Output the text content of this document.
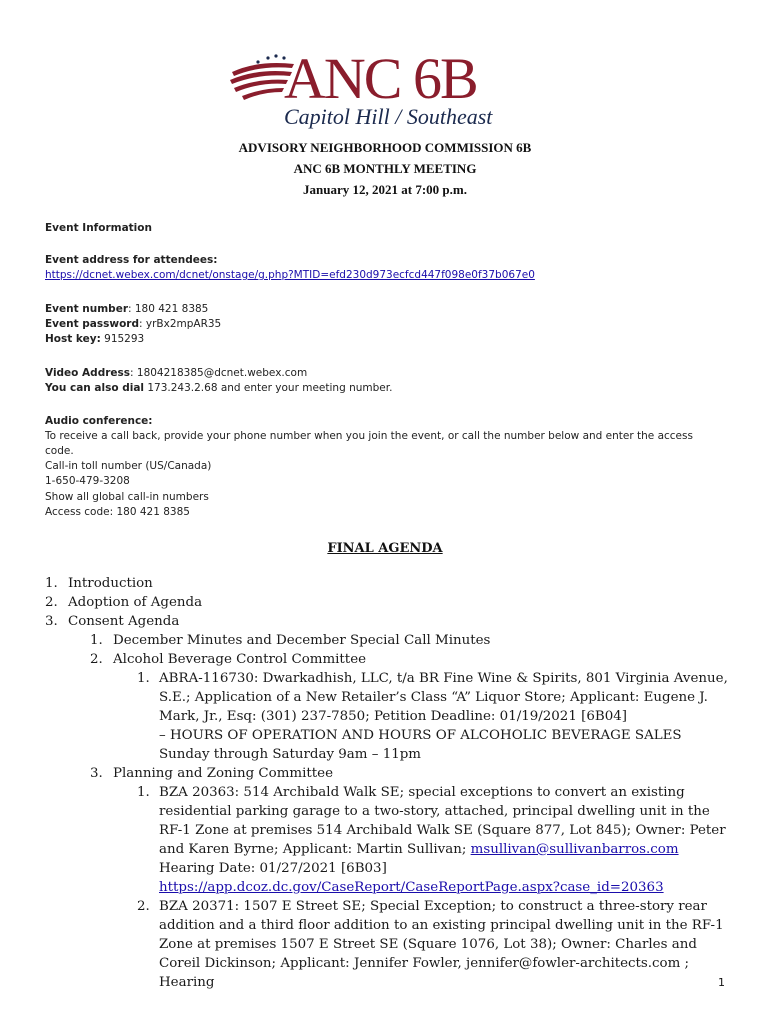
ANC 6B
Capitol Hill / Southeast
ADVISORY NEIGHBORHOOD COMMISSION 6B
ANC 6B MONTHLY MEETING
January 12, 2021 at 7:00 p.m.
Event Information
Event address for attendees:
https://dcnet.webex.com/dcnet/onstage/g.php?MTID=efd230d973ecfcd447f098e0f37b067e0
Event number: 180 421 8385
Event password: yrBx2mpAR35
Host key: 915293
Video Address: 1804218385@dcnet.webex.com
You can also dial 173.243.2.68 and enter your meeting number.
Audio conference:
To receive a call back, provide your phone number when you join the event, or call the number below and enter the access
code.
Call-in toll number (US/Canada)
1-650-479-3208
Show all global call-in numbers
Access code: 180 421 8385
FINAL AGENDA
1. Introduction
2. Adoption of Agenda
3. Consent Agenda
1. December Minutes and December Special Call Minutes
2. Alcohol Beverage Control Committee
1. ABRA-116730: Dwarkadhish, LLC, t/a BR Fine Wine & Spirits, 801 Virginia Avenue, S.E.; Application of a New Retailer’s Class “A” Liquor Store; Applicant: Eugene J. Mark, Jr., Esq: (301) 237-7850; Petition Deadline: 01/19/2021 [6B04]
– HOURS OF OPERATION AND HOURS OF ALCOHOLIC BEVERAGE SALES Sunday through Saturday 9am – 11pm
3. Planning and Zoning Committee
1. BZA 20363: 514 Archibald Walk SE; special exceptions to convert an existing residential parking garage to a two-story, attached, principal dwelling unit in the RF-1 Zone at premises 514 Archibald Walk SE (Square 877, Lot 845); Owner: Peter and Karen Byrne; Applicant: Martin Sullivan; msullivan@sullivanbarros.com Hearing Date: 01/27/2021 [6B03]
https://app.dcoz.dc.gov/CaseReport/CaseReportPage.aspx?case_id=20363
2. BZA 20371: 1507 E Street SE; Special Exception; to construct a three-story rear addition and a third floor addition to an existing principal dwelling unit in the RF-1 Zone at premises 1507 E Street SE (Square 1076, Lot 38); Owner: Charles and Coreil Dickinson; Applicant: Jennifer Fowler, jennifer@fowler-architects.com ; Hearing	1
